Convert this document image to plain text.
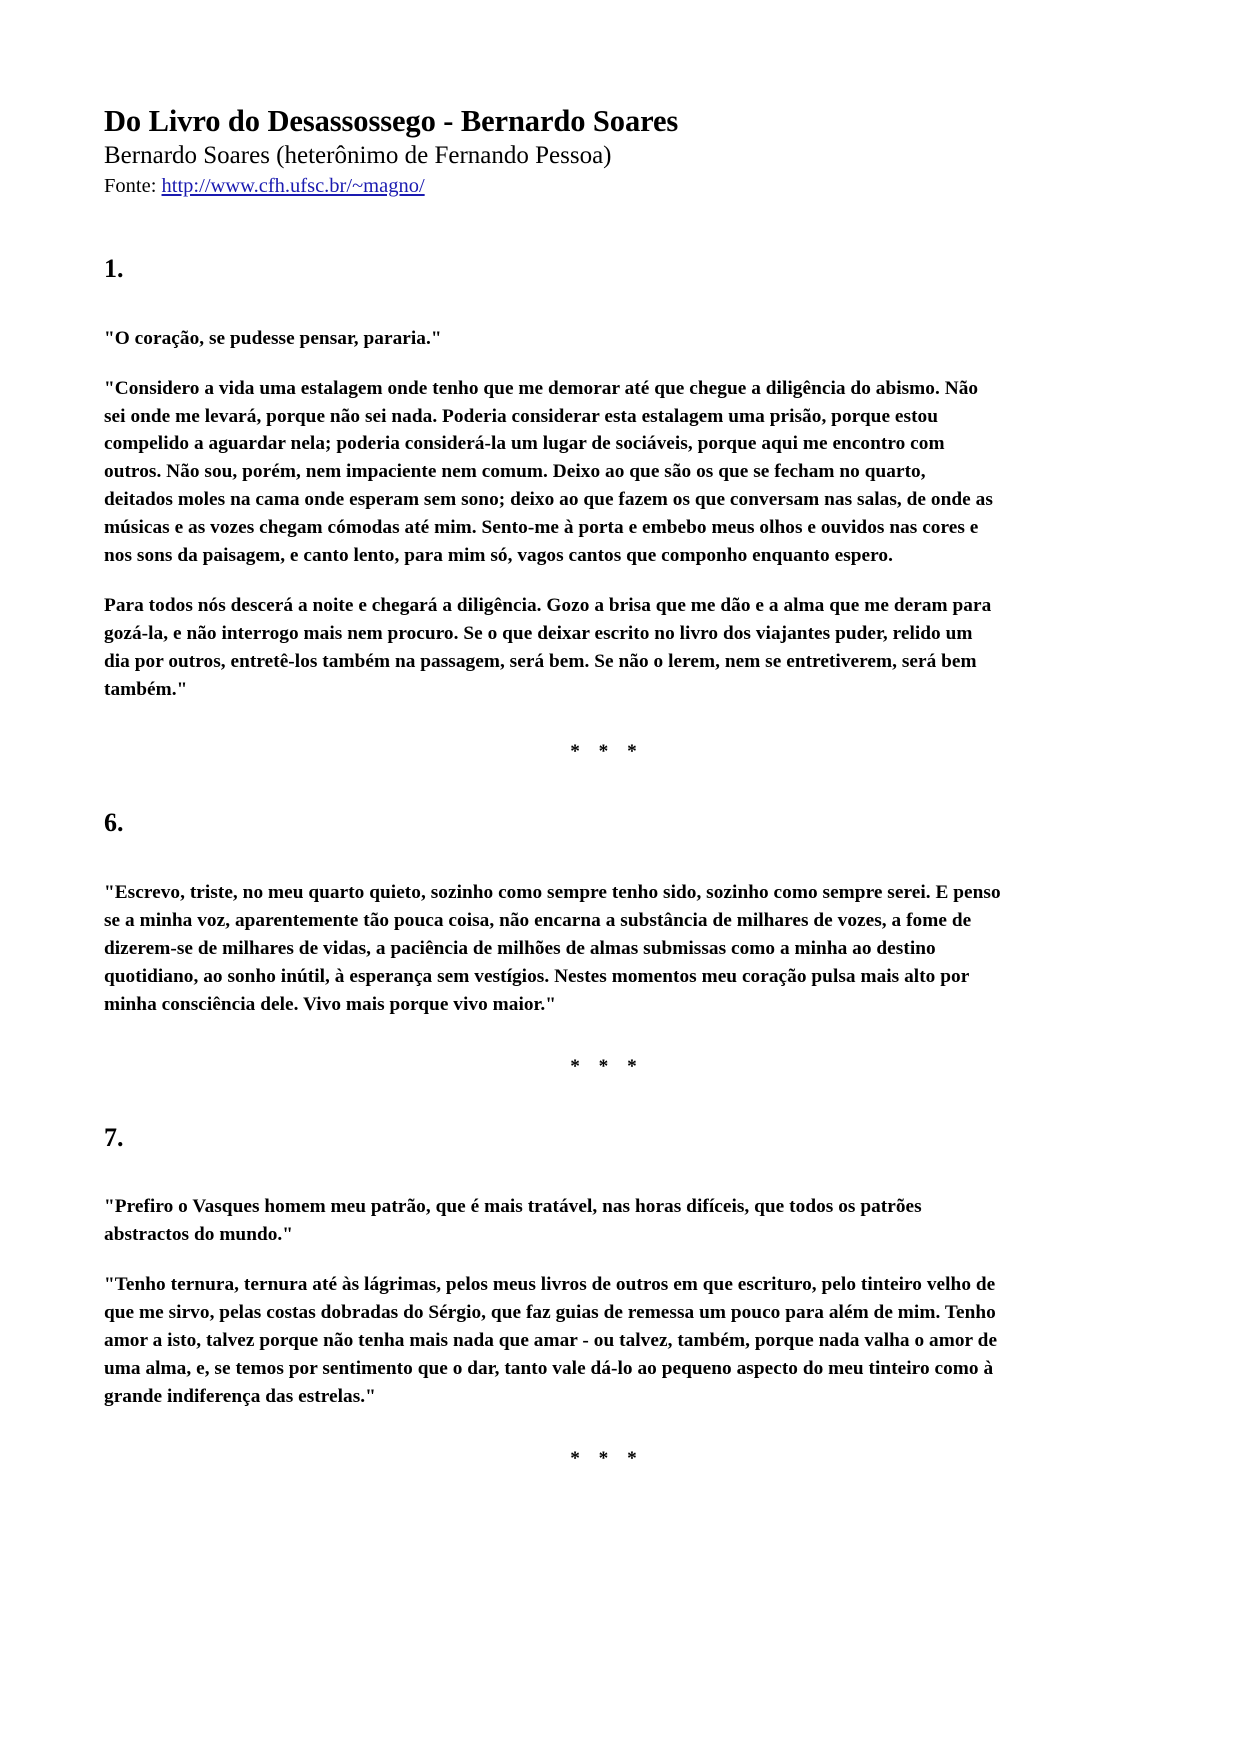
Do Livro do Desassossego - Bernardo Soares
Bernardo Soares (heterônimo de Fernando Pessoa)
Fonte: http://www.cfh.ufsc.br/~magno/
1.

"O coração, se pudesse pensar, pararia."

"Considero a vida uma estalagem onde tenho que me demorar até que chegue a diligência do abismo. Não sei onde me levará, porque não sei nada. Poderia considerar esta estalagem uma prisão, porque estou compelido a aguardar nela; poderia considerá-la um lugar de sociáveis, porque aqui me encontro com outros. Não sou, porém, nem impaciente nem comum. Deixo ao que são os que se fecham no quarto, deitados moles na cama onde esperam sem sono; deixo ao que fazem os que conversam nas salas, de onde as músicas e as vozes chegam cómodas até mim. Sento-me à porta e embebo meus olhos e ouvidos nas cores e nos sons da paisagem, e canto lento, para mim só, vagos cantos que componho enquanto espero.

Para todos nós descerá a noite e chegará a diligência. Gozo a brisa que me dão e a alma que me deram para gozá-la, e não interrogo mais nem procuro. Se o que deixar escrito no livro dos viajantes puder, relido um dia por outros, entretê-los também na passagem, será bem. Se não o lerem, nem se entretiverem, será bem também."

* * *
6.

"Escrevo, triste, no meu quarto quieto, sozinho como sempre tenho sido, sozinho como sempre serei. E penso se a minha voz, aparentemente tão pouca coisa, não encarna a substância de milhares de vozes, a fome de dizerem-se de milhares de vidas, a paciência de milhões de almas submissas como a minha ao destino quotidiano, ao sonho inútil, à esperança sem vestígios. Nestes momentos meu coração pulsa mais alto por minha consciência dele. Vivo mais porque vivo maior."

* * *
7.

"Prefiro o Vasques homem meu patrão, que é mais tratável, nas horas difíceis, que todos os patrões abstractos do mundo."

"Tenho ternura, ternura até às lágrimas, pelos meus livros de outros em que escrituro, pelo tinteiro velho de que me sirvo, pelas costas dobradas do Sérgio, que faz guias de remessa um pouco para além de mim. Tenho amor a isto, talvez porque não tenha mais nada que amar - ou talvez, também, porque nada valha o amor de uma alma, e, se temos por sentimento que o dar, tanto vale dá-lo ao pequeno aspecto do meu tinteiro como à grande indiferença das estrelas."

* * *
